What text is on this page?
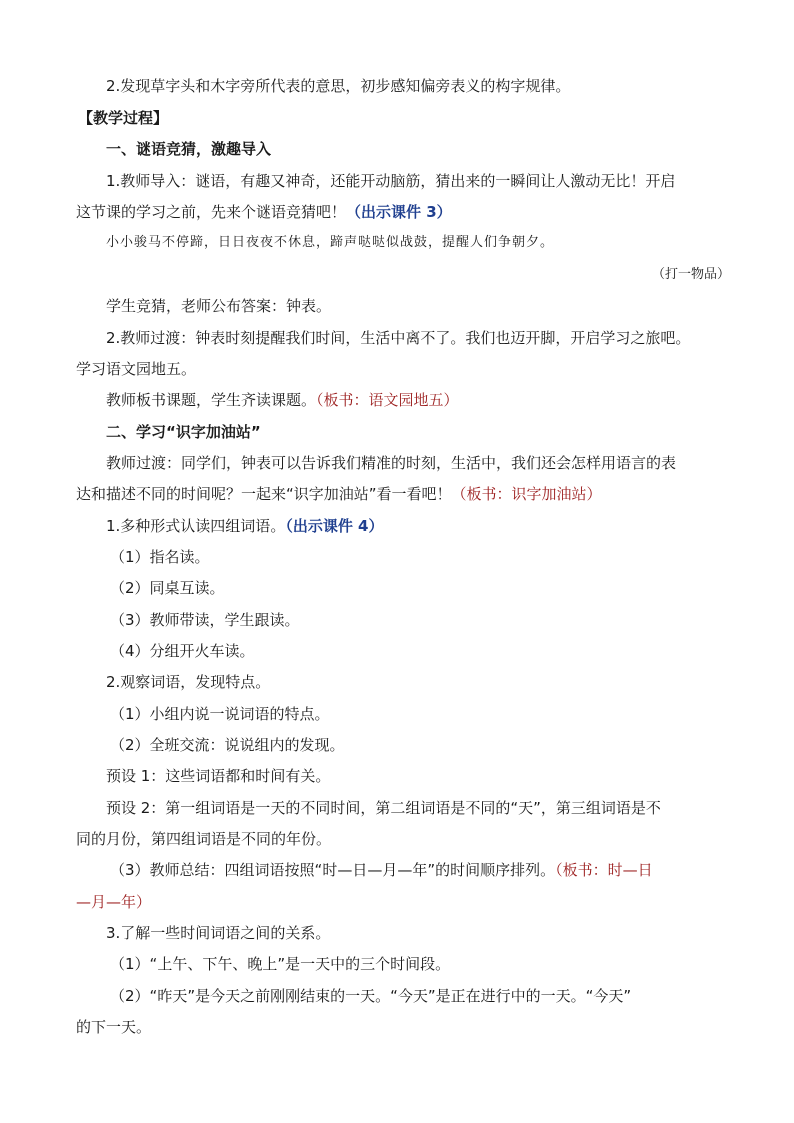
2.发现草字头和木字旁所代表的意思，初步感知偏旁表义的构字规律。
【教学过程】
一、谜语竞猜，激趣导入
1.教师导入：谜语，有趣又神奇，还能开动脑筋，猜出来的一瞬间让人激动无比！开启
这节课的学习之前，先来个谜语竞猜吧！（出示课件 3）
小小骏马不停蹄，日日夜夜不休息，蹄声哒哒似战鼓，提醒人们争朝夕。
（打一物品）
学生竞猜，老师公布答案：钟表。
2.教师过渡：钟表时刻提醒我们时间，生活中离不了。我们也迈开脚，开启学习之旅吧。
学习语文园地五。
教师板书课题，学生齐读课题。（板书：语文园地五）
二、学习“识字加油站”
教师过渡：同学们，钟表可以告诉我们精准的时刻，生活中，我们还会怎样用语言的表
达和描述不同的时间呢？一起来“识字加油站”看一看吧！（板书：识字加油站）
1.多种形式认读四组词语。（出示课件 4）
（1）指名读。
（2）同桌互读。
（3）教师带读，学生跟读。
（4）分组开火车读。
2.观察词语，发现特点。
（1）小组内说一说词语的特点。
（2）全班交流：说说组内的发现。
预设 1：这些词语都和时间有关。
预设 2：第一组词语是一天的不同时间，第二组词语是不同的“天”，第三组词语是不
同的月份，第四组词语是不同的年份。
（3）教师总结：四组词语按照“时—日—月—年”的时间顺序排列。（板书：时—日
—月—年）
3.了解一些时间词语之间的关系。
（1）“上午、下午、晚上”是一天中的三个时间段。
（2）“昨天”是今天之前刚刚结束的一天。“今天”是正在进行中的一天。“今天”
的下一天。
